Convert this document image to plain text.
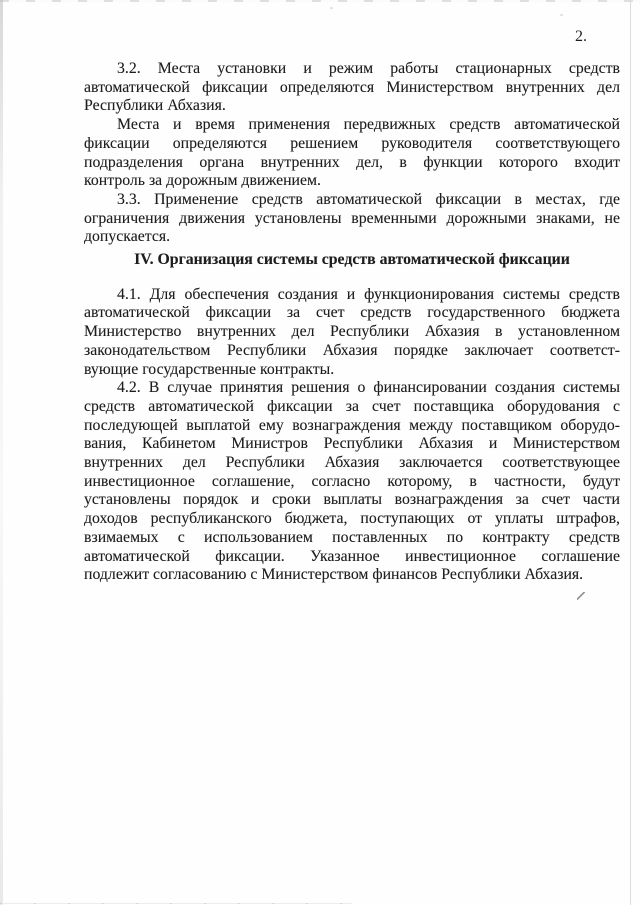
2.
3.2. Места установки и режим работы стационарных средств
автоматической фиксации определяются Министерством внутренних дел
Республики Абхазия.
Места и время применения передвижных средств автоматической
фиксации определяются решением руководителя соответствующего
подразделения органа внутренних дел, в функции которого входит
контроль за дорожным движением.
3.3. Применение средств автоматической фиксации в местах, где
ограничения движения установлены временными дорожными знаками, не
допускается.
IV. Организация системы средств автоматической фиксации
4.1. Для обеспечения создания и функционирования системы средств
автоматической фиксации за счет средств государственного бюджета
Министерство внутренних дел Республики Абхазия в установленном
законодательством Республики Абхазия порядке заключает соответст-
вующие государственные контракты.
4.2. В случае принятия решения о финансировании создания системы
средств автоматической фиксации за счет поставщика оборудования с
последующей выплатой ему вознаграждения между поставщиком оборудо-
вания, Кабинетом Министров Республики Абхазия и Министерством
внутренних дел Республики Абхазия заключается соответствующее
инвестиционное соглашение, согласно которому, в частности, будут
установлены порядок и сроки выплаты вознаграждения за счет части
доходов республиканского бюджета, поступающих от уплаты штрафов,
взимаемых с использованием поставленных по контракту средств
автоматической фиксации. Указанное инвестиционное соглашение
подлежит согласованию с Министерством финансов Республики Абхазия.
